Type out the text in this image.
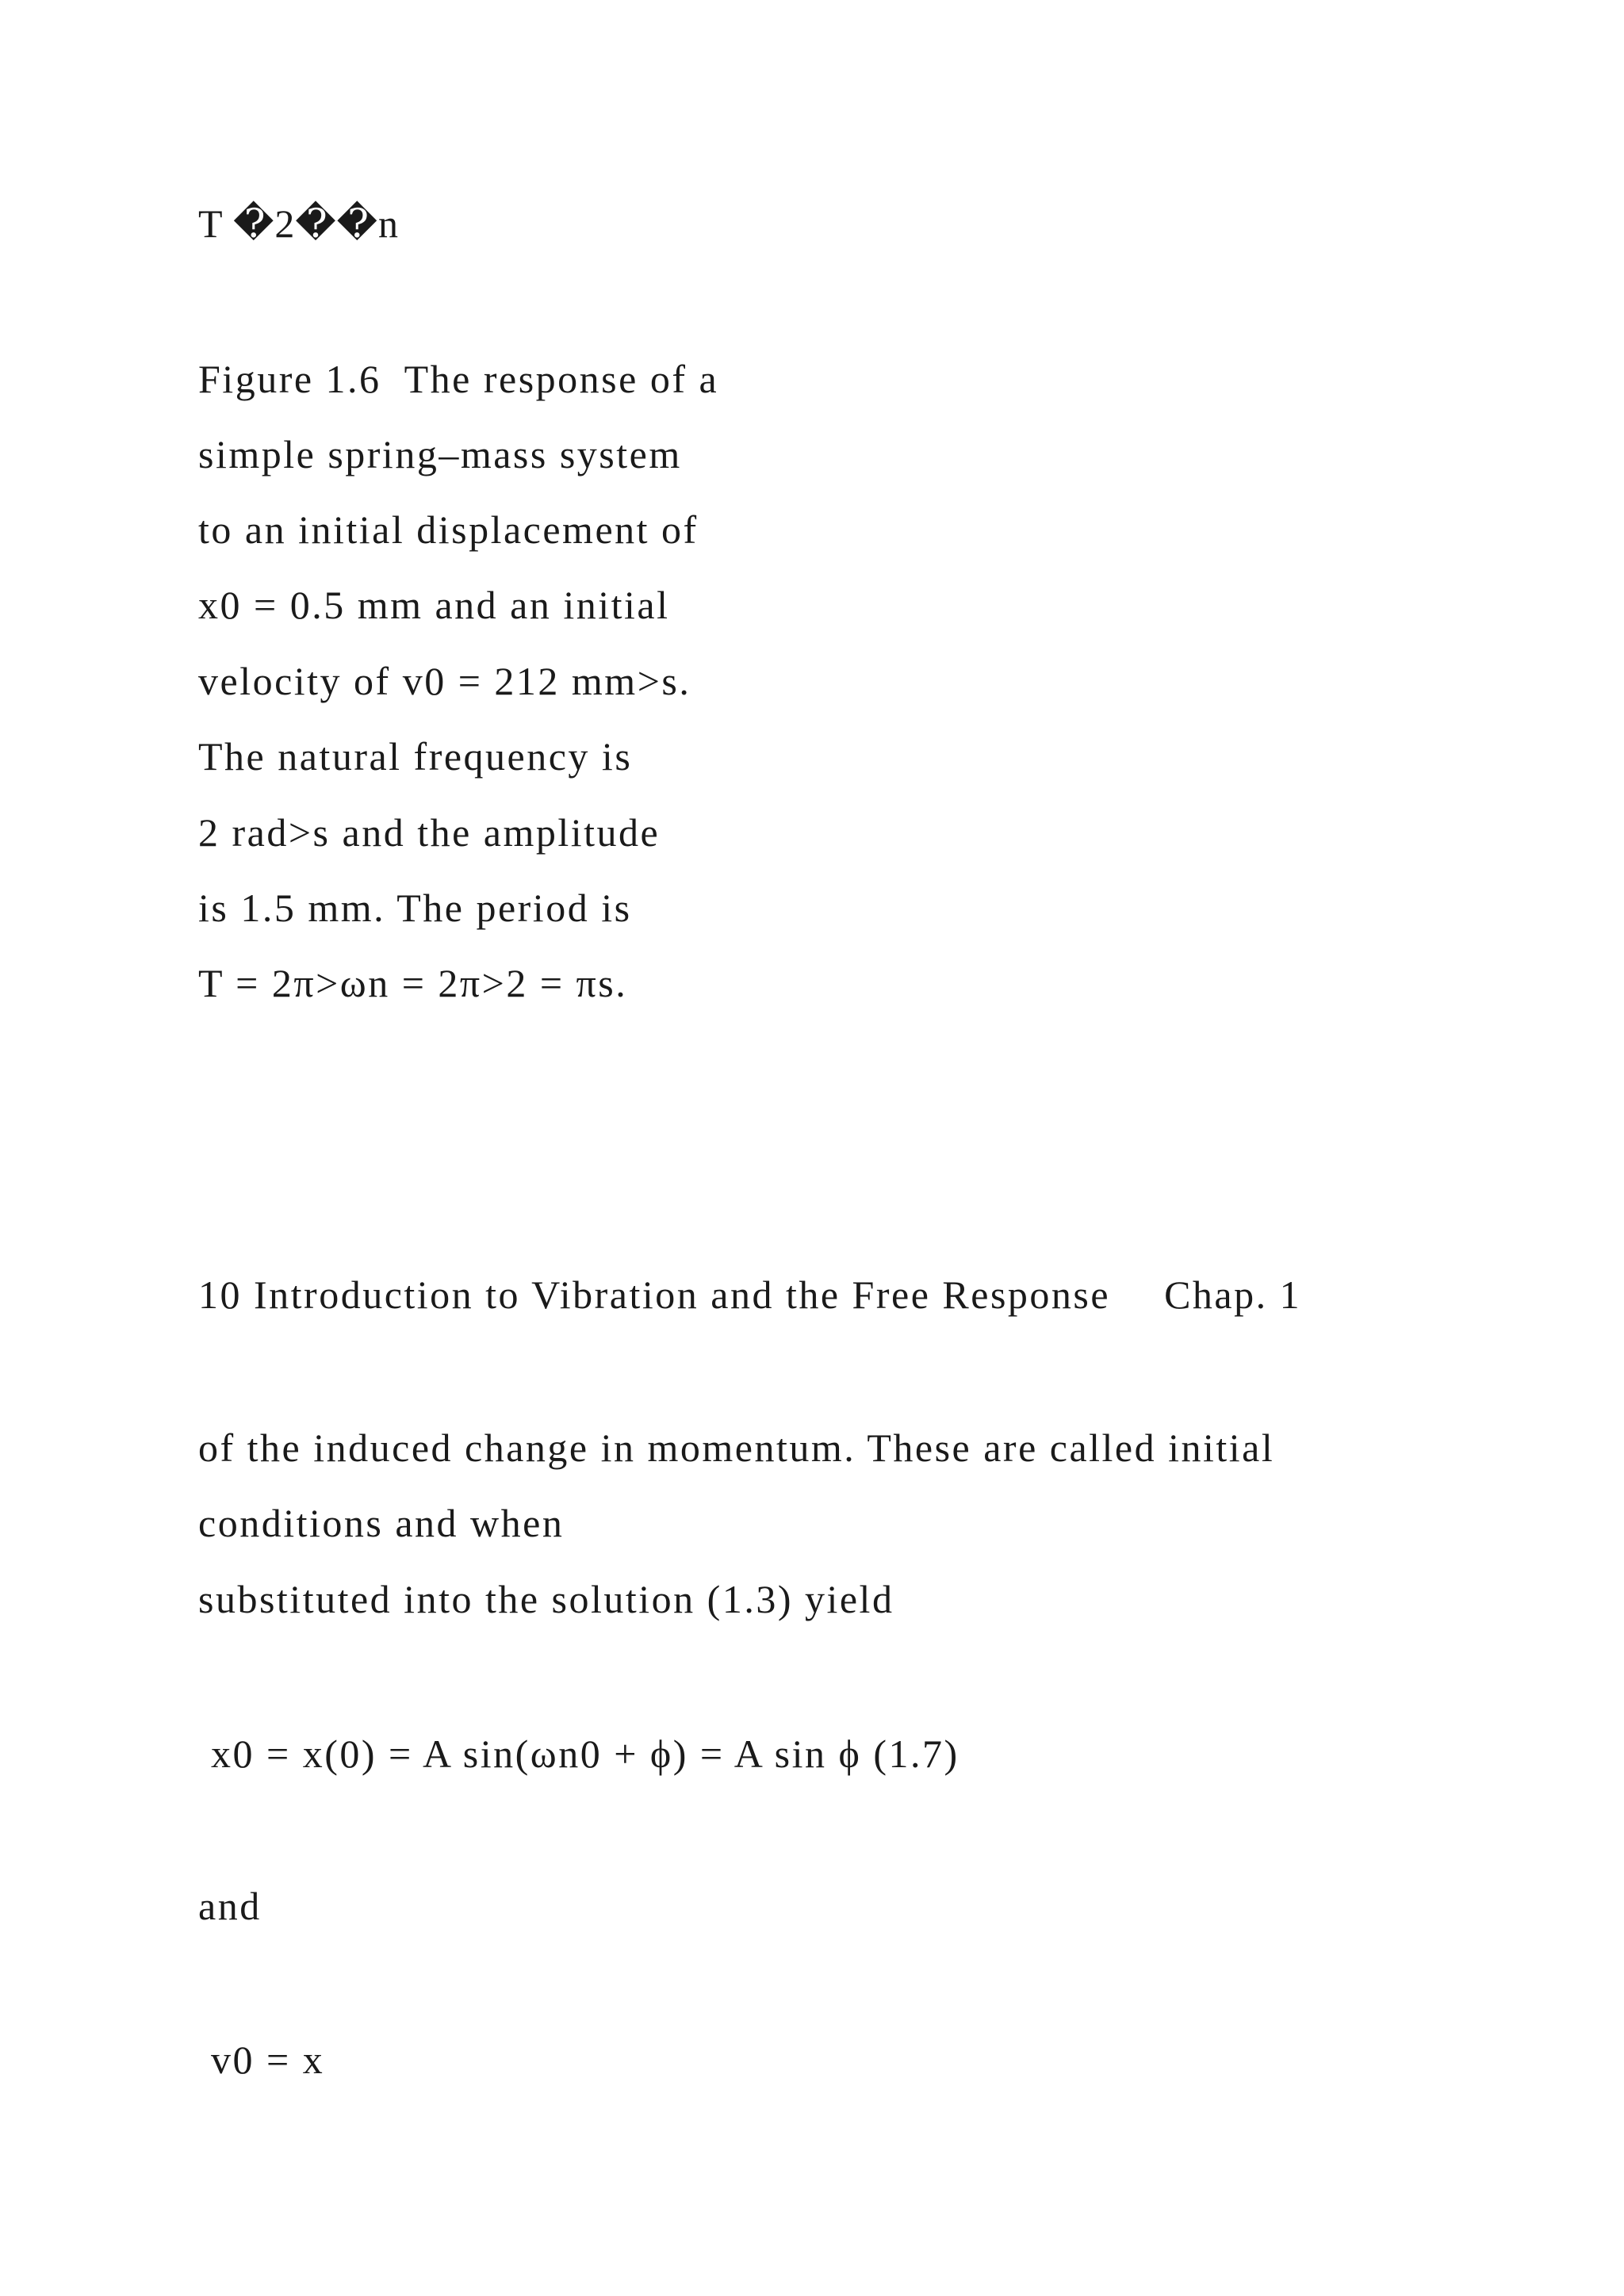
T �2��n
Figure 1.6  The response of a
simple spring–mass system
to an initial displacement of
x0 = 0.5 mm and an initial
velocity of v0 = 212 mm>s.
The natural frequency is
2 rad>s and the amplitude
is 1.5 mm. The period is
T = 2π>ωn = 2π>2 = πs.
10 Introduction to Vibration and the Free Response Chap. 1
of the induced change in momentum. These are called initial
conditions and when
substituted into the solution (1.3) yield
x0 = x(0) = A sin(ωn0 + ϕ) = A sin ϕ (1.7)
and
v0 = x
